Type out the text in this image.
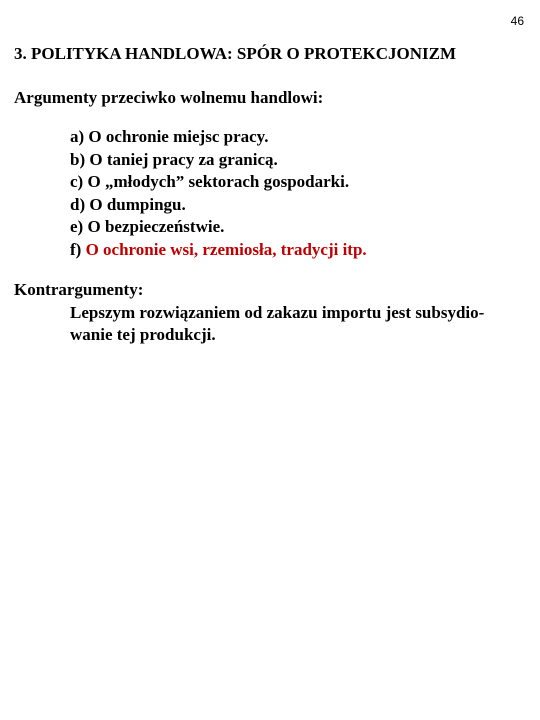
46
3. POLITYKA HANDLOWA: SPÓR O PROTEKCJONIZM

Argumenty przeciwko wolnemu handlowi:

a) O ochronie miejsc pracy.
b) O taniej pracy za granicą.
c) O „młodych” sektorach gospodarki.
d) O dumpingu.
e) O bezpieczeństwie.
f) O ochronie wsi, rzemiosła, tradycji itp.

Kontrargumenty:

Lepszym rozwiązaniem od zakazu importu jest subsydio-
wanie tej produkcji.
